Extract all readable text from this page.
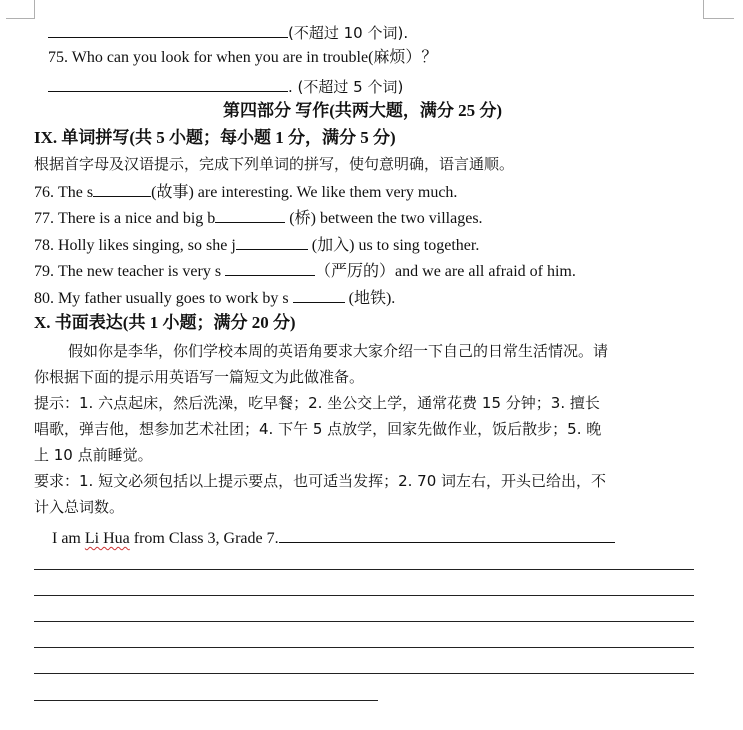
(不超过 10 个词).
75. Who can you look for when you are in trouble(麻烦）？
. (不超过 5 个词)
第四部分 写作(共两大题，满分 25 分)
IX. 单词拼写(共 5 小题；每小题 1 分，满分 5 分)
根据首字母及汉语提示，完成下列单词的拼写，使句意明确，语言通顺。
76. The s	(故事) are interesting. We like them very much.
77. There is a nice and big b	(桥) between the two villages.
78. Holly likes singing, so she j	(加入) us to sing together.
79. The new teacher is very s	（严厉的）and we are all afraid of him.
80. My father usually goes to work by s	(地铁).
X. 书面表达(共 1 小题；满分 20 分)
假如你是李华，你们学校本周的英语角要求大家介绍一下自己的日常生活情况。请
你根据下面的提示用英语写一篇短文为此做准备。
提示：1. 六点起床，然后洗澡，吃早餐；2. 坐公交上学，通常花费 15 分钟；3. 擅长
唱歌，弹吉他，想参加艺术社团；4. 下午 5 点放学，回家先做作业，饭后散步；5. 晚
上 10 点前睡觉。
要求：1. 短文必须包括以上提示要点，也可适当发挥；2. 70 词左右，开头已给出，不
计入总词数。
I am Li Hua from Class 3, Grade 7.
